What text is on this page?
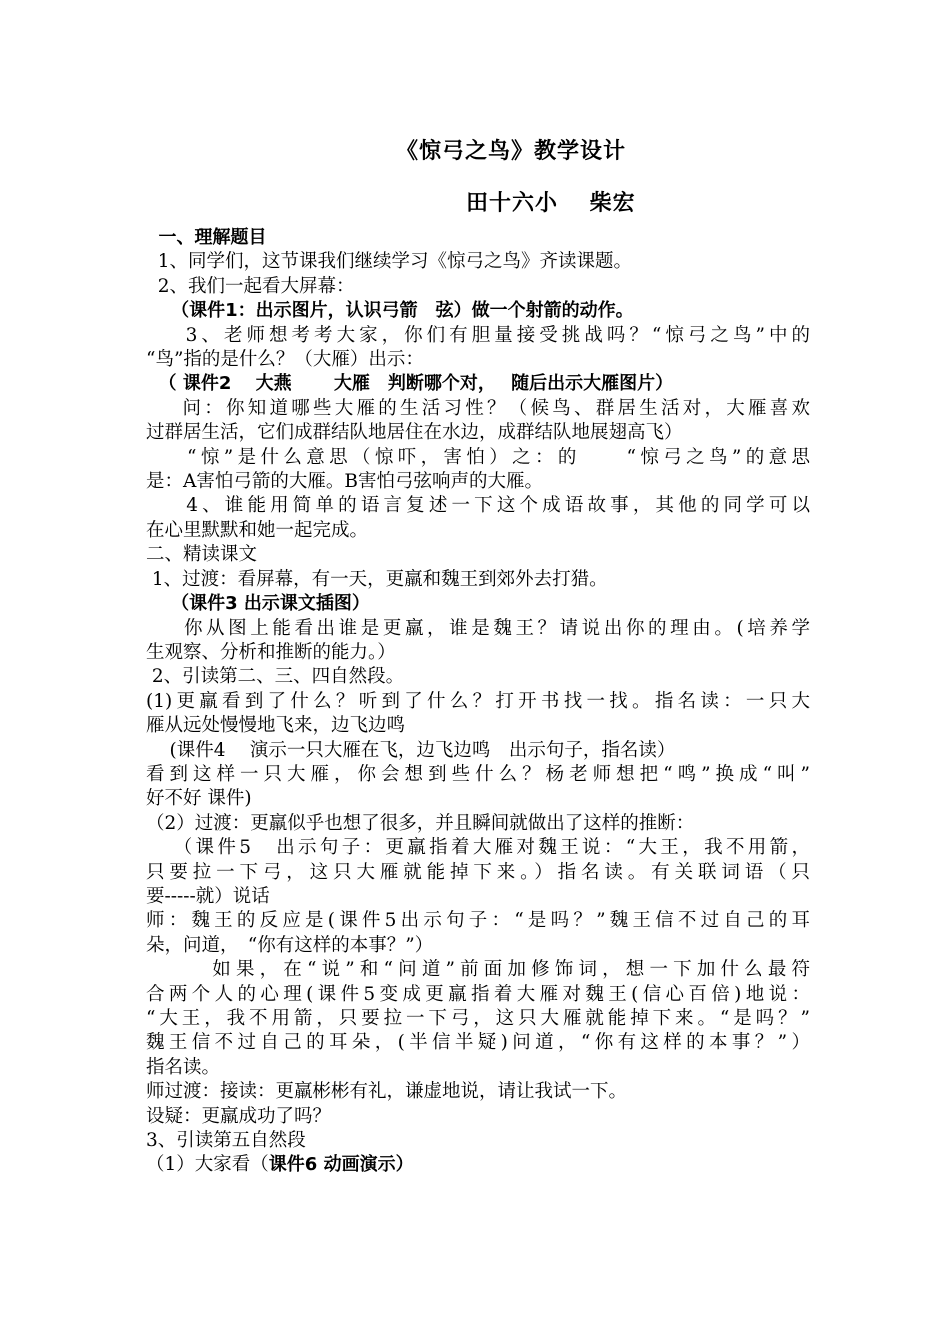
《惊弓之鸟》教学设计
田十六小　 柴宏

一、理解题目

1、同学们，这节课我们继续学习《惊弓之鸟》齐读课题。

2、我们一起看大屏幕：

（课件1：出示图片，认识弓箭　弦）做一个射箭的动作。

3、老师想考考大家，你们有胆量接受挑战吗？“惊弓之鸟”中的

“鸟”指的是什么？（大雁）出示：

（ 课件2　 大燕　　 大雁　判断哪个对，　 随后出示大雁图片）

问：你知道哪些大雁的生活习性？（候鸟、群居生活对，大雁喜欢

过群居生活，它们成群结队地居住在水边，成群结队地展翅高飞）

“惊”是什么意思（惊吓，害怕）之：的　　“惊弓之鸟”的意思

是：A害怕弓箭的大雁。B害怕弓弦响声的大雁。

4、谁能用简单的语言复述一下这个成语故事，其他的同学可以

在心里默默和她一起完成。

二、精读课文

1、过渡：看屏幕，有一天，更羸和魏王到郊外去打猎。

（课件3 出示课文插图）

你从图上能看出谁是更羸，谁是魏王？请说出你的理由。(培养学

生观察、分析和推断的能力。）

2、引读第二、三、四自然段。

(1)更羸看到了什么？听到了什么？打开书找一找。指名读：一只大

雁从远处慢慢地飞来，边飞边鸣

(课件4　 演示一只大雁在飞，边飞边鸣　出示句子，指名读）

看到这样一只大雁，你会想到些什么？杨老师想把“鸣”换成“叫”

好不好 课件)

（2）过渡：更羸似乎也想了很多，并且瞬间就做出了这样的推断：

（课件5　出示句子：更羸指着大雁对魏王说：“大王，我不用箭，

只要拉一下弓，这只大雁就能掉下来。）指名读。有关联词语（只

要-----就）说话

师：魏王的反应是(课件5出示句子：“是吗？”魏王信不过自己的耳

朵，问道，　“你有这样的本事？”）

如果，在“说”和“问道”前面加修饰词，想一下加什么最符

合两个人的心理(课件5变成更羸指着大雁对魏王(信心百倍)地说：

“大王，我不用箭，只要拉一下弓，这只大雁就能掉下来。“是吗？”

魏王信不过自己的耳朵，(半信半疑)问道，“你有这样的本事？”）

指名读。

师过渡：接读：更羸彬彬有礼，谦虚地说，请让我试一下。

设疑：更羸成功了吗？

3、引读第五自然段

（1）大家看（课件6 动画演示）
